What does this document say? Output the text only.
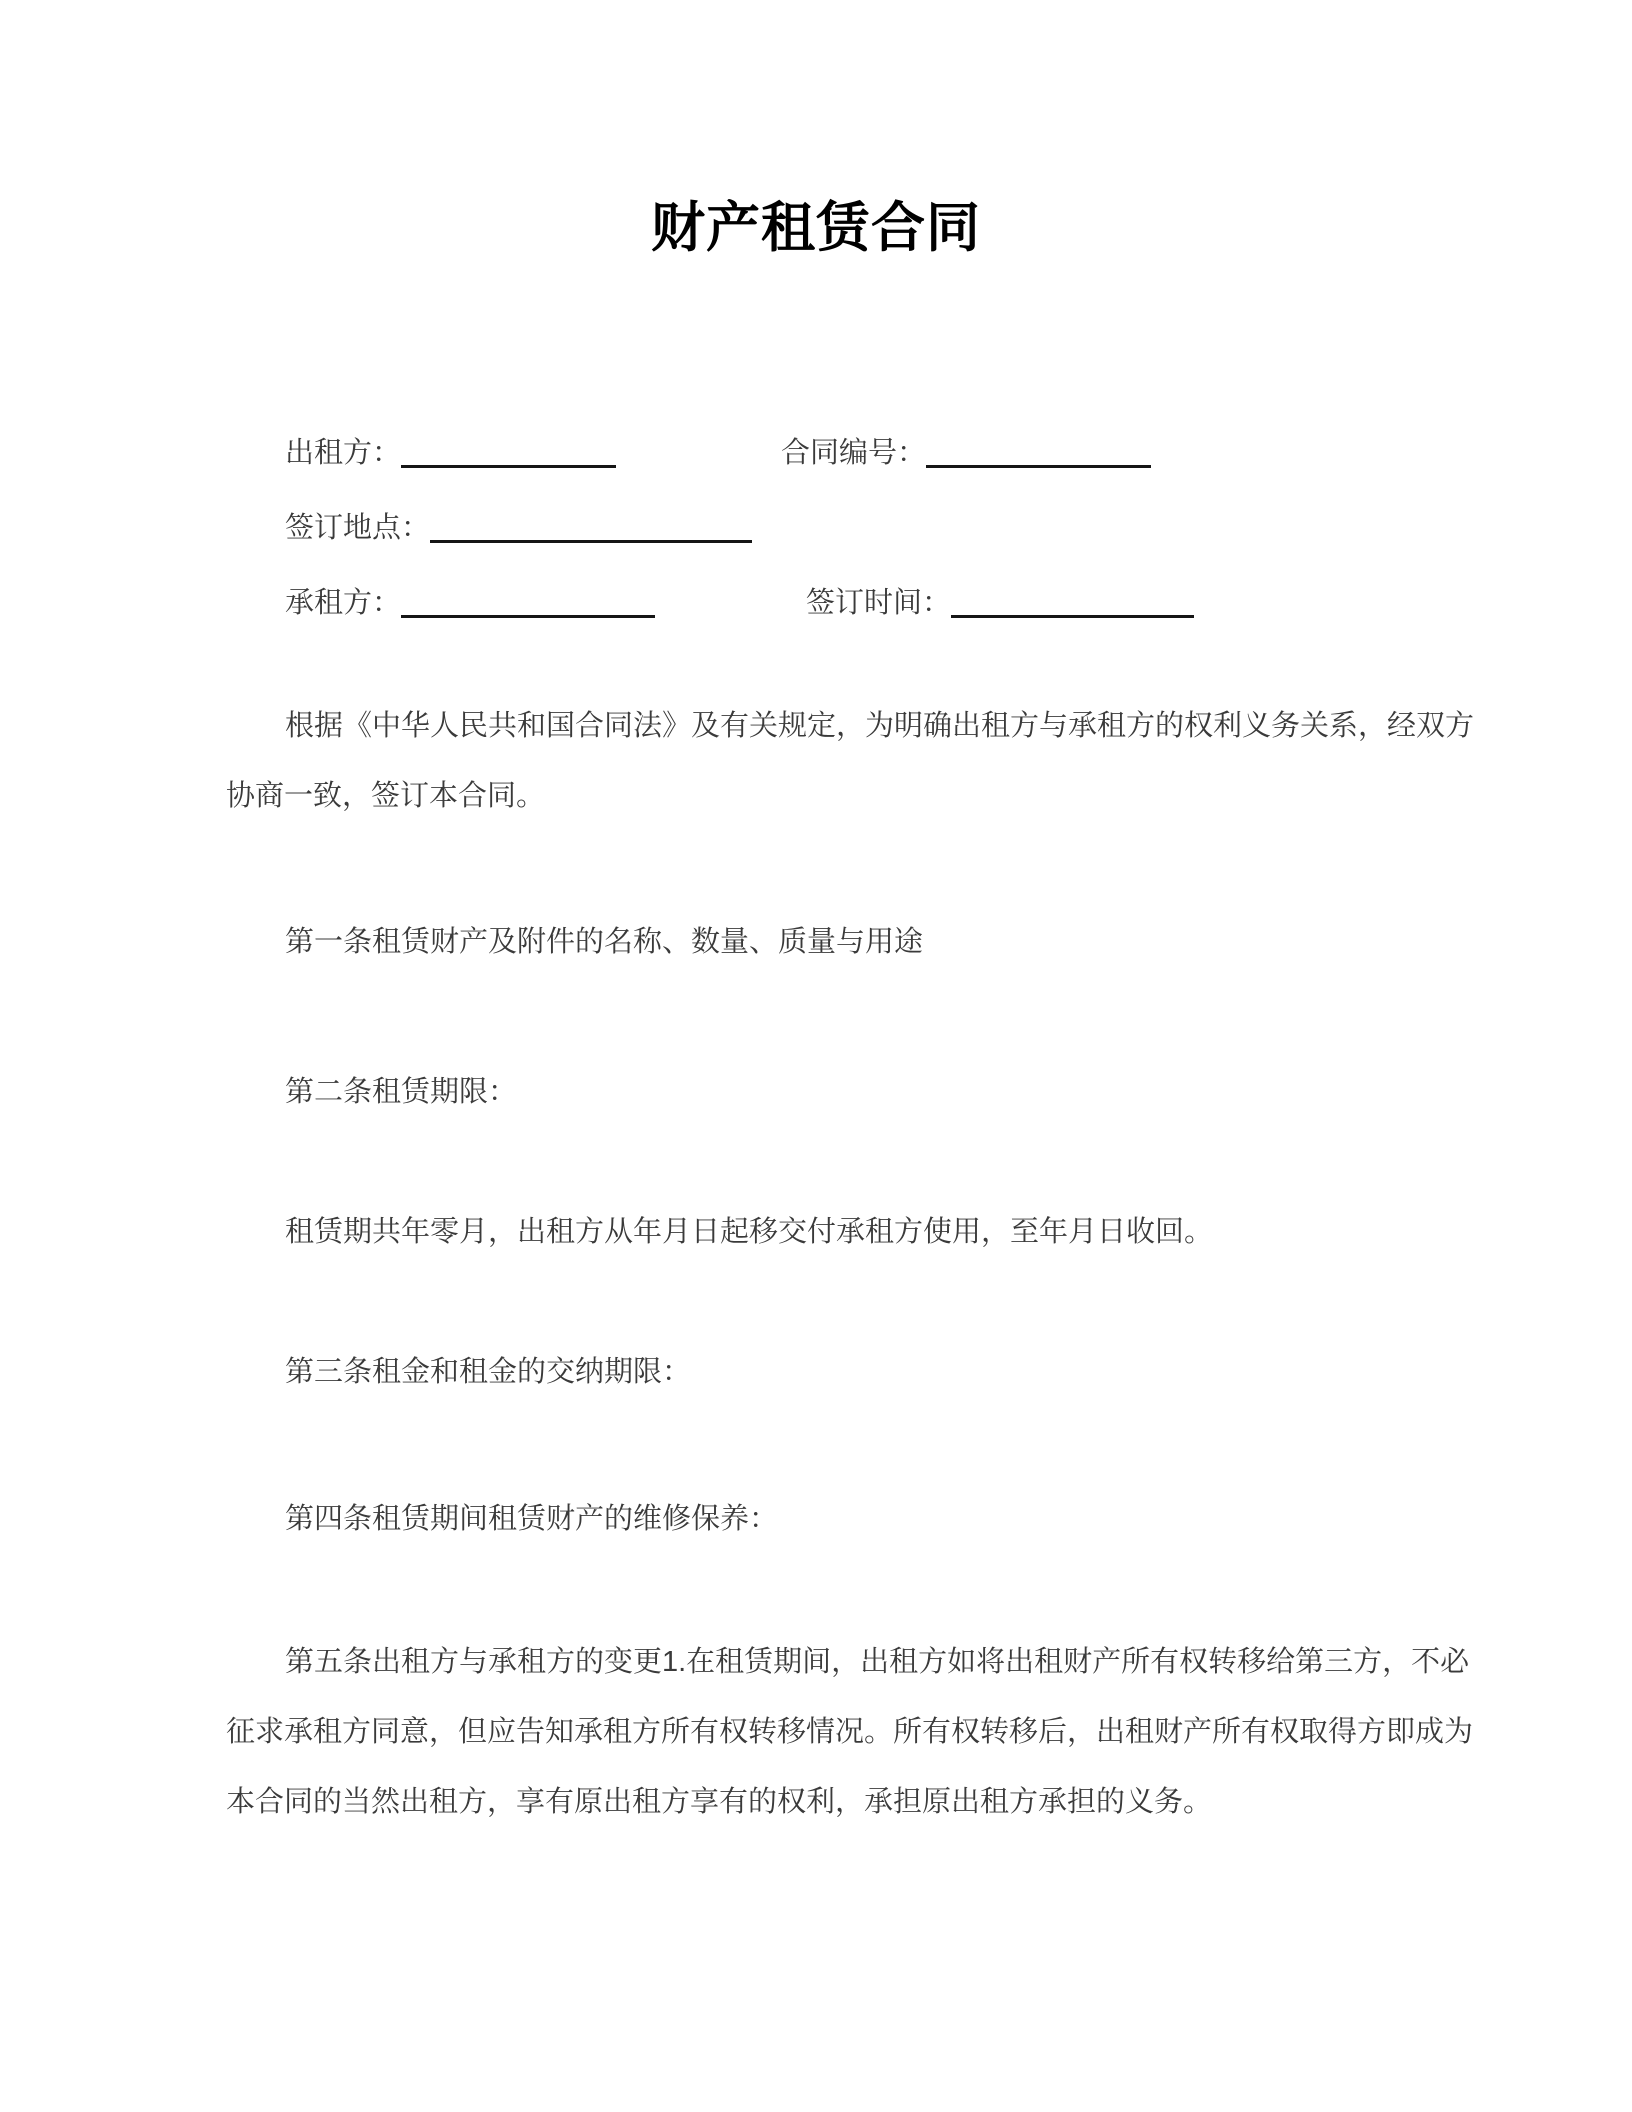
财产租赁合同
出租方：	合同编号：
签订地点：
承租方：	签订时间：

根据《中华人民共和国合同法》及有关规定，为明确出租方与承租方的权利义务关系，经双方
协商一致，签订本合同。

第一条租赁财产及附件的名称、数量、质量与用途

第二条租赁期限：

租赁期共年零月，出租方从年月日起移交付承租方使用，至年月日收回。

第三条租金和租金的交纳期限：

第四条租赁期间租赁财产的维修保养：

第五条出租方与承租方的变更1.在租赁期间，出租方如将出租财产所有权转移给第三方，不必
征求承租方同意，但应告知承租方所有权转移情况。所有权转移后，出租财产所有权取得方即成为
本合同的当然出租方，享有原出租方享有的权利，承担原出租方承担的义务。
